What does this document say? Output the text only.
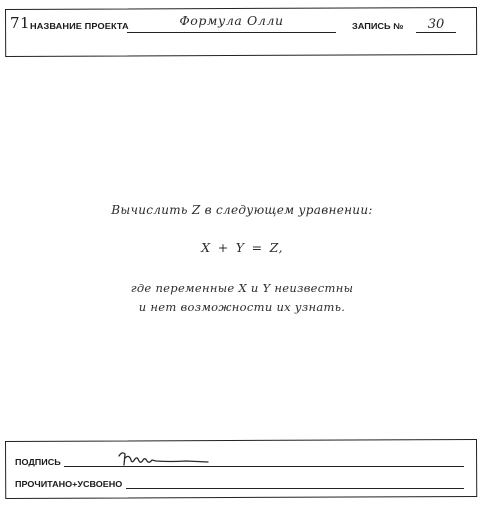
71 НАЗВАНИЕ ПРОЕКТА	Формула Олли	ЗАПИСЬ №	30
Вычислить Z в следующем уравнении:
X + Y = Z,
где переменные X и Y неизвестны
и нет возможности их узнать.
ПОДПИСЬ
ПРОЧИТАНО+УСВОЕНО
